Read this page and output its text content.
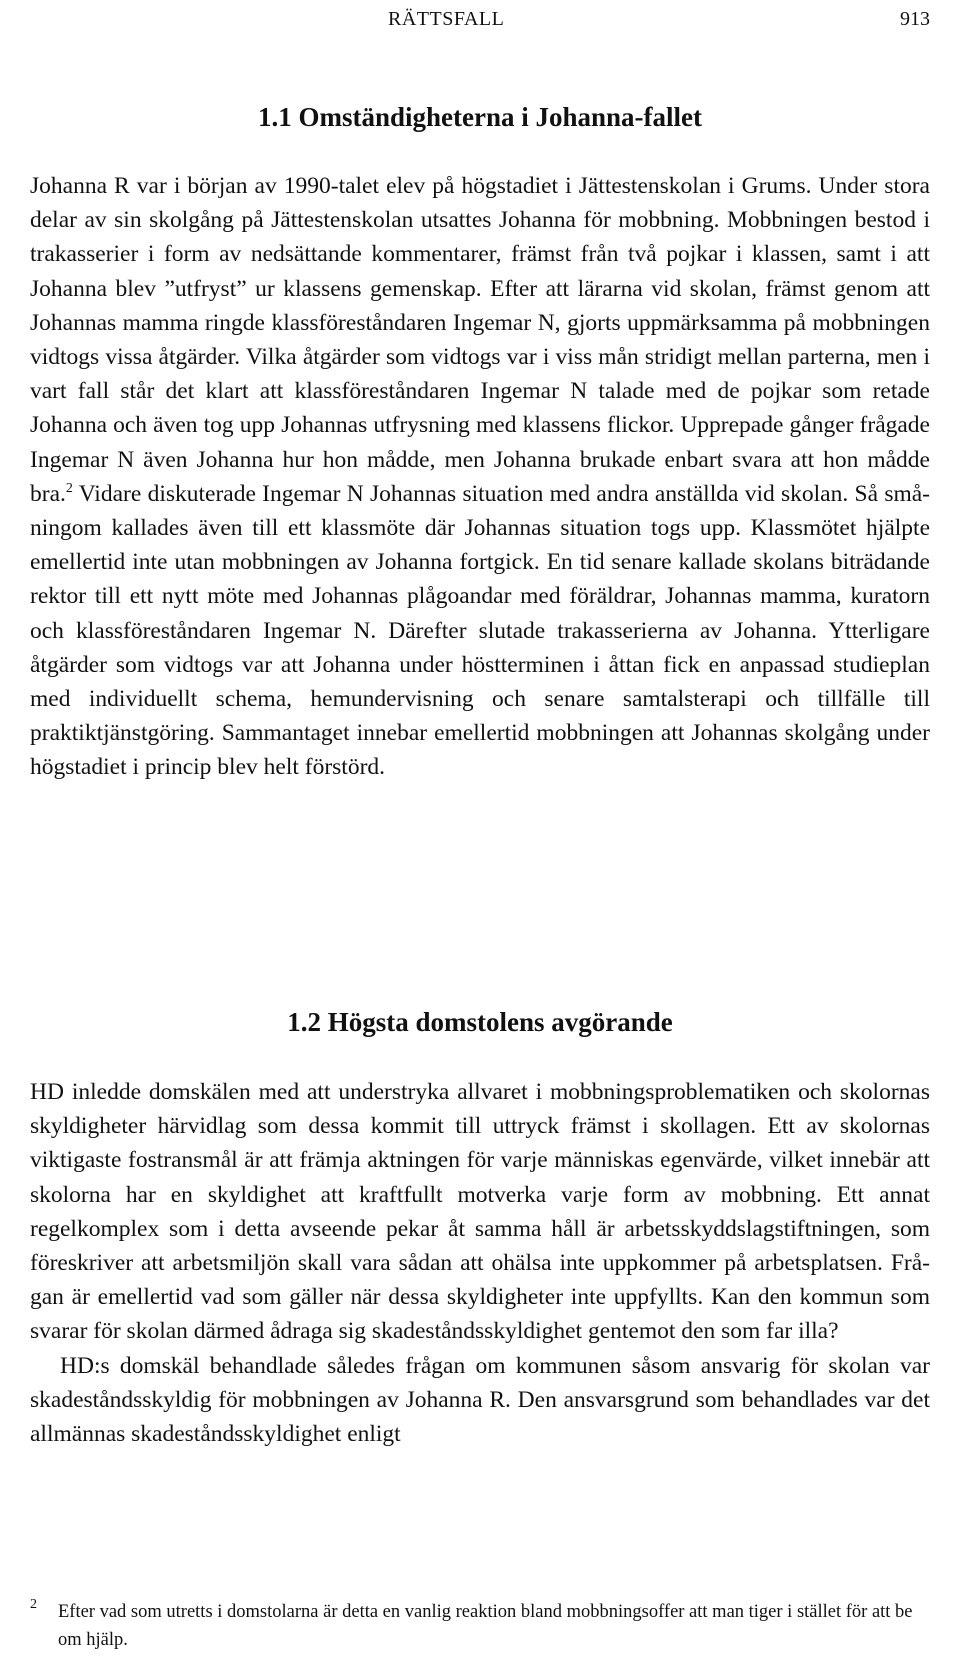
RÄTTSFALL	913
1.1 Omständigheterna i Johanna-fallet

Johanna R var i början av 1990-talet elev på högstadiet i Jättestenskolan i Grums. Under stora delar av sin skolgång på Jättestenskolan utsattes Johanna för mobbning. Mobbningen bestod i trakasserier i form av nedsättande kommentarer, främst från två pojkar i klassen, samt i att Johanna blev ”utfryst” ur klassens gemenskap. Efter att lärarna vid skolan, främst genom att Johannas mamma ringde klassföreståndaren Ingemar N, gjorts uppmärksamma på mobbningen vidtogs vissa åtgärder. Vilka åtgärder som vidtogs var i viss mån stridigt mellan parterna, men i vart fall står det klart att klassföreståndaren Ingemar N talade med de pojkar som retade Johanna och även tog upp Johannas utfrysning med klassens flickor. Upprepade gånger frågade Ingemar N även Johanna hur hon mådde, men Johanna brukade enbart svara att hon mådde bra.$^2$ Vidare diskuterade Ingemar N Johannas situation med andra anställda vid skolan. Så småningom kallades även till ett klassmöte där Johannas situation togs upp. Klassmötet hjälpte emellertid inte utan mobbningen av Johanna fortgick. En tid senare kallade skolans biträdande rektor till ett nytt möte med Johannas plågoandar med föräldrar, Johannas mamma, kuratorn och klassföreståndaren Ingemar N. Därefter slutade trakasserierna av Johanna. Ytterligare åtgärder som vidtogs var att Johanna under höstterminen i åttan fick en anpassad studieplan med individuellt schema, hemundervisning och senare samtalsterapi och tillfälle till praktiktjänstgöring. Sammantaget innebar emellertid mobbningen att Johannas skolgång under högstadiet i princip blev helt förstörd.

1.2 Högsta domstolens avgörande

HD inledde domskälen med att understryka allvaret i mobbningsproblematiken och skolornas skyldigheter härvidlag som dessa kommit till uttryck främst i skollagen. Ett av skolornas viktigaste fostransmål är att främja aktningen för varje människas egenvärde, vilket innebär att skolorna har en skyldighet att kraftfullt motverka varje form av mobbning. Ett annat regelkomplex som i detta avseende pekar åt samma håll är arbetsskyddslagstiftningen, som föreskriver att arbetsmiljön skall vara sådan att ohälsa inte uppkommer på arbetsplatsen. Frågan är emellertid vad som gäller när dessa skyldigheter inte uppfyllts. Kan den kommun som svarar för skolan därmed ådraga sig skadeståndsskyldighet gentemot den som far illa?

HD:s domskäl behandlade således frågan om kommunen såsom ansvarig för skolan var skadeståndsskyldig för mobbningen av Johanna R. Den ansvarsgrund som behandlades var det allmännas skadeståndsskyldighet enligt

2 Efter vad som utretts i domstolarna är detta en vanlig reaktion bland mobbningsoffer att man tiger i stället för att be om hjälp.
